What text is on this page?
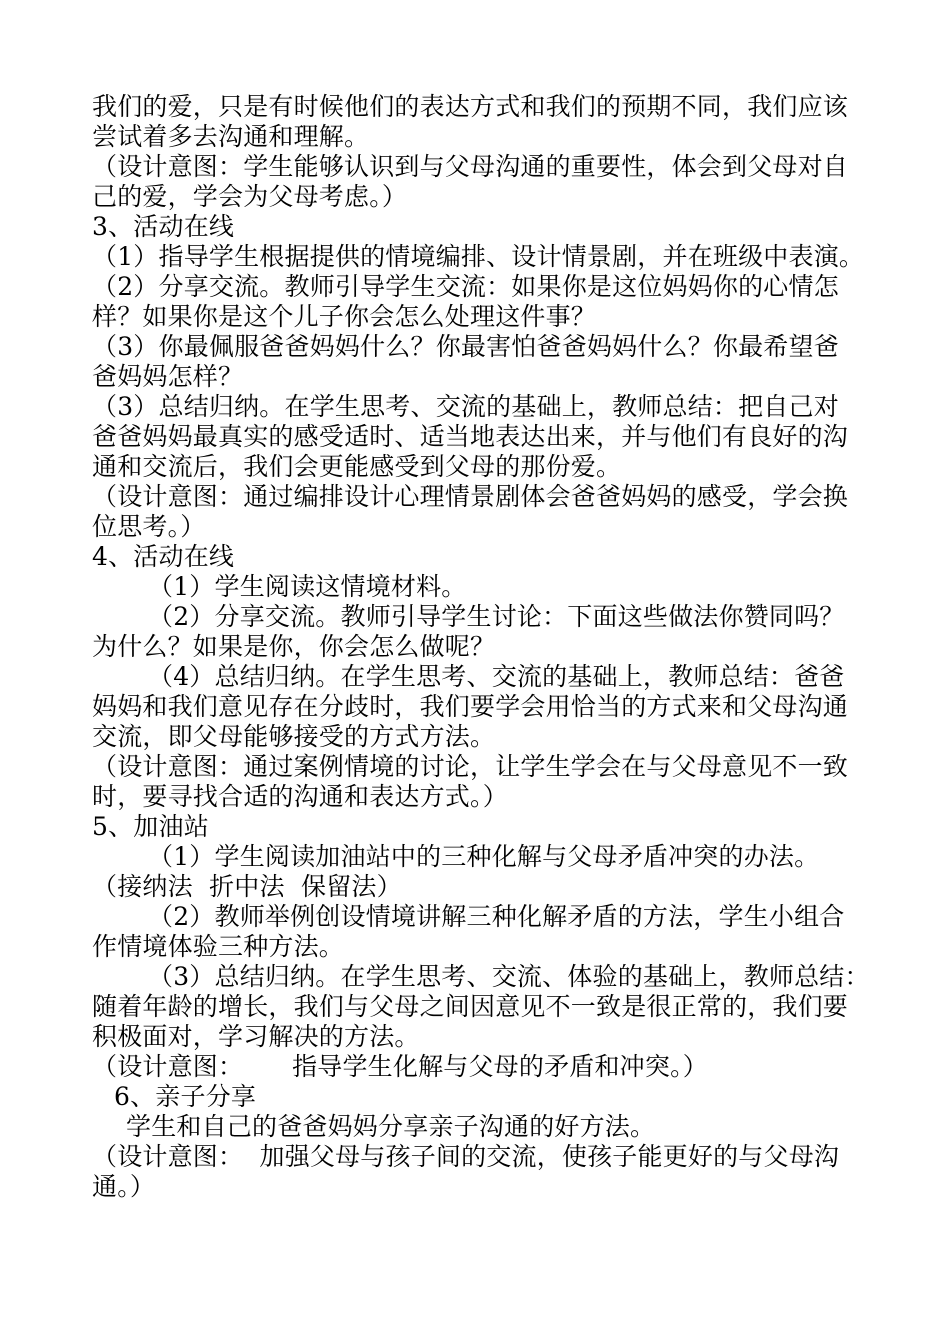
我们的爱，只是有时候他们的表达方式和我们的预期不同，我们应该
尝试着多去沟通和理解。
（设计意图：学生能够认识到与父母沟通的重要性，体会到父母对自
己的爱，学会为父母考虑。）
3、活动在线
（1）指导学生根据提供的情境编排、设计情景剧，并在班级中表演。
（2）分享交流。教师引导学生交流：如果你是这位妈妈你的心情怎
样？如果你是这个儿子你会怎么处理这件事？
（3）你最佩服爸爸妈妈什么？你最害怕爸爸妈妈什么？你最希望爸
爸妈妈怎样？
（3）总结归纳。在学生思考、交流的基础上，教师总结：把自己对
爸爸妈妈最真实的感受适时、适当地表达出来，并与他们有良好的沟
通和交流后，我们会更能感受到父母的那份爱。
（设计意图：通过编排设计心理情景剧体会爸爸妈妈的感受，学会换
位思考。）
4、活动在线
（1）学生阅读这情境材料。
（2）分享交流。教师引导学生讨论：下面这些做法你赞同吗？
为什么？如果是你，你会怎么做呢？
（4）总结归纳。在学生思考、交流的基础上，教师总结：爸爸
妈妈和我们意见存在分歧时，我们要学会用恰当的方式来和父母沟通
交流，即父母能够接受的方式方法。
（设计意图：通过案例情境的讨论，让学生学会在与父母意见不一致
时，要寻找合适的沟通和表达方式。）
5、加油站
（1）学生阅读加油站中的三种化解与父母矛盾冲突的办法。
（接纳法  折中法  保留法）
（2）教师举例创设情境讲解三种化解矛盾的方法，学生小组合
作情境体验三种方法。
（3）总结归纳。在学生思考、交流、体验的基础上，教师总结：
随着年龄的增长，我们与父母之间因意见不一致是很正常的，我们要
积极面对，学习解决的方法。
（设计意图：      指导学生化解与父母的矛盾和冲突。）
6、亲子分享
学生和自己的爸爸妈妈分享亲子沟通的好方法。
（设计意图：  加强父母与孩子间的交流，使孩子能更好的与父母沟
通。）
